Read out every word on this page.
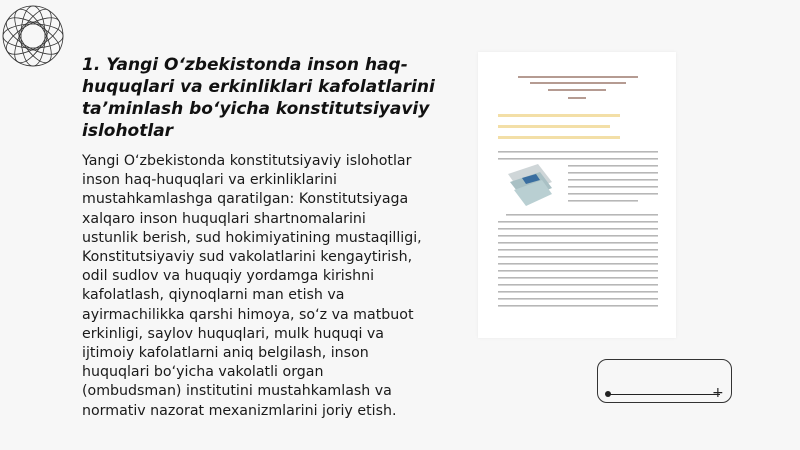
1. Yangi O‘zbekistonda inson haq-huquqlari va erkinliklari kafolatlarini ta’minlash bo‘yicha konstitutsiyaviy islohotlar

Yangi O‘zbekistonda konstitutsiyaviy islohotlar inson haq-huquqlari va erkinliklarini mustahkamlashga qaratilgan: Konstitutsiyaga xalqaro inson huquqlari shartnomalarini ustunlik berish, sud hokimiyatining mustaqilligi, Konstitutsiyaviy sud vakolatlarini kengaytirish, odil sudlov va huquqiy yordamga kirishni kafolatlash, qiynoqlarni man etish va ayirmachilikka qarshi himoya, so‘z va matbuot erkinligi, saylov huquqlari, mulk huquqi va ijtimoiy kafolatlarni aniq belgilash, inson huquqlari bo‘yicha vakolatli organ (ombudsman) institutini mustahkamlash va normativ nazorat mexanizmlarini joriy etish.

+
